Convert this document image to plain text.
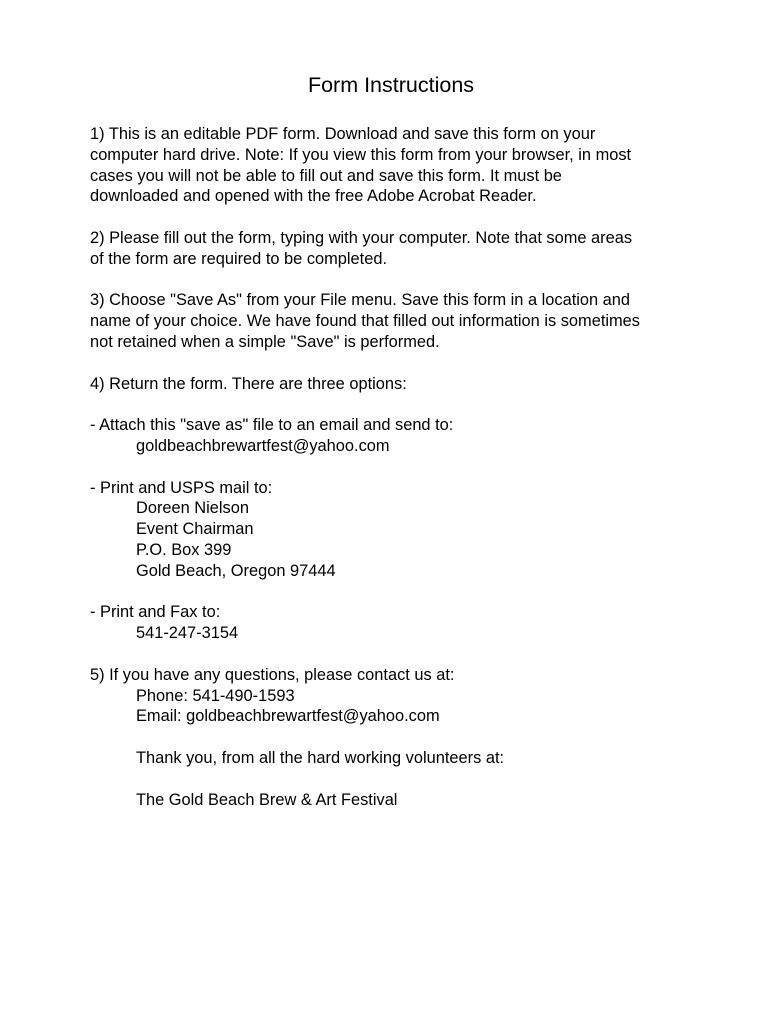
Form Instructions
1) This is an editable PDF form. Download and save this form on your
computer hard drive. Note: If you view this form from your browser, in most
cases you will not be able to fill out and save this form. It must be
downloaded and opened with the free Adobe Acrobat Reader.
2) Please fill out the form, typing with your computer. Note that some areas
of the form are required to be completed.
3) Choose "Save As" from your File menu. Save this form in a location and
name of your choice. We have found that filled out information is sometimes
not retained when a simple "Save" is performed.
4) Return the form. There are three options:
- Attach this "save as" file to an email and send to:
goldbeachbrewartfest@yahoo.com
- Print and USPS mail to:
Doreen Nielson
Event Chairman
P.O. Box 399
Gold Beach, Oregon 97444
- Print and Fax to:
541-247-3154
5) If you have any questions, please contact us at:
Phone: 541-490-1593
Email: goldbeachbrewartfest@yahoo.com
Thank you, from all the hard working volunteers at:
The Gold Beach Brew & Art Festival
